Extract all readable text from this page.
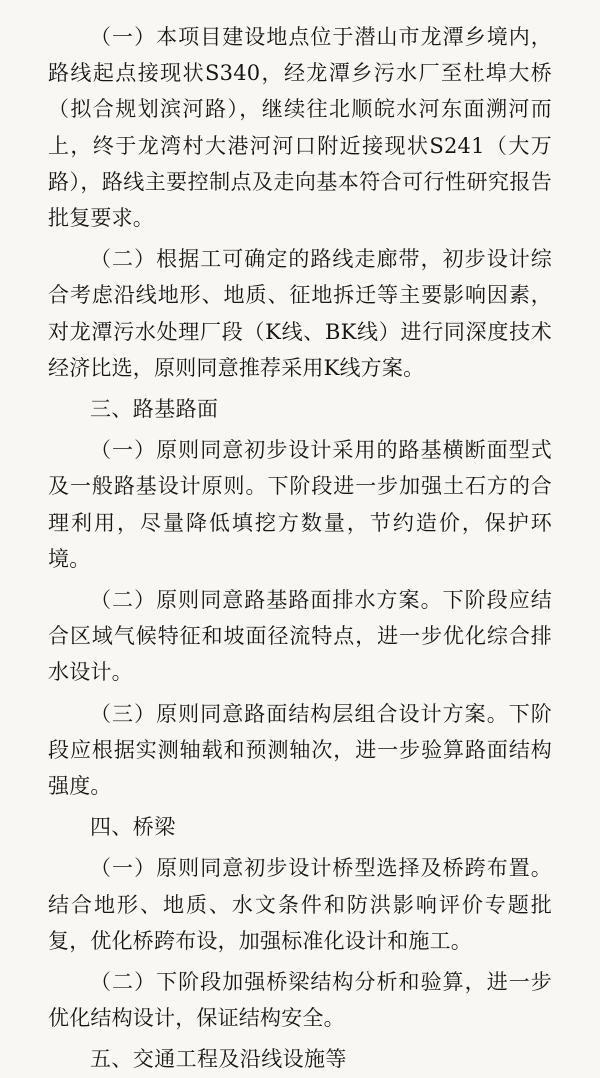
（一）本项目建设地点位于潜山市龙潭乡境内，路线起点接现状S340，经龙潭乡污水厂至杜埠大桥（拟合规划滨河路），继续往北顺皖水河东面溯河而上，终于龙湾村大港河河口附近接现状S241（大万路），路线主要控制点及走向基本符合可行性研究报告批复要求。

（二）根据工可确定的路线走廊带，初步设计综合考虑沿线地形、地质、征地拆迁等主要影响因素，对龙潭污水处理厂段（K线、BK线）进行同深度技术经济比选，原则同意推荐采用K线方案。

三、路基路面

（一）原则同意初步设计采用的路基横断面型式及一般路基设计原则。下阶段进一步加强土石方的合理利用，尽量降低填挖方数量，节约造价，保护环境。

（二）原则同意路基路面排水方案。下阶段应结合区域气候特征和坡面径流特点，进一步优化综合排水设计。

（三）原则同意路面结构层组合设计方案。下阶段应根据实测轴载和预测轴次，进一步验算路面结构强度。

四、桥梁

（一）原则同意初步设计桥型选择及桥跨布置。结合地形、地质、水文条件和防洪影响评价专题批复，优化桥跨布设，加强标准化设计和施工。

（二）下阶段加强桥梁结构分析和验算，进一步优化结构设计，保证结构安全。

五、交通工程及沿线设施等
